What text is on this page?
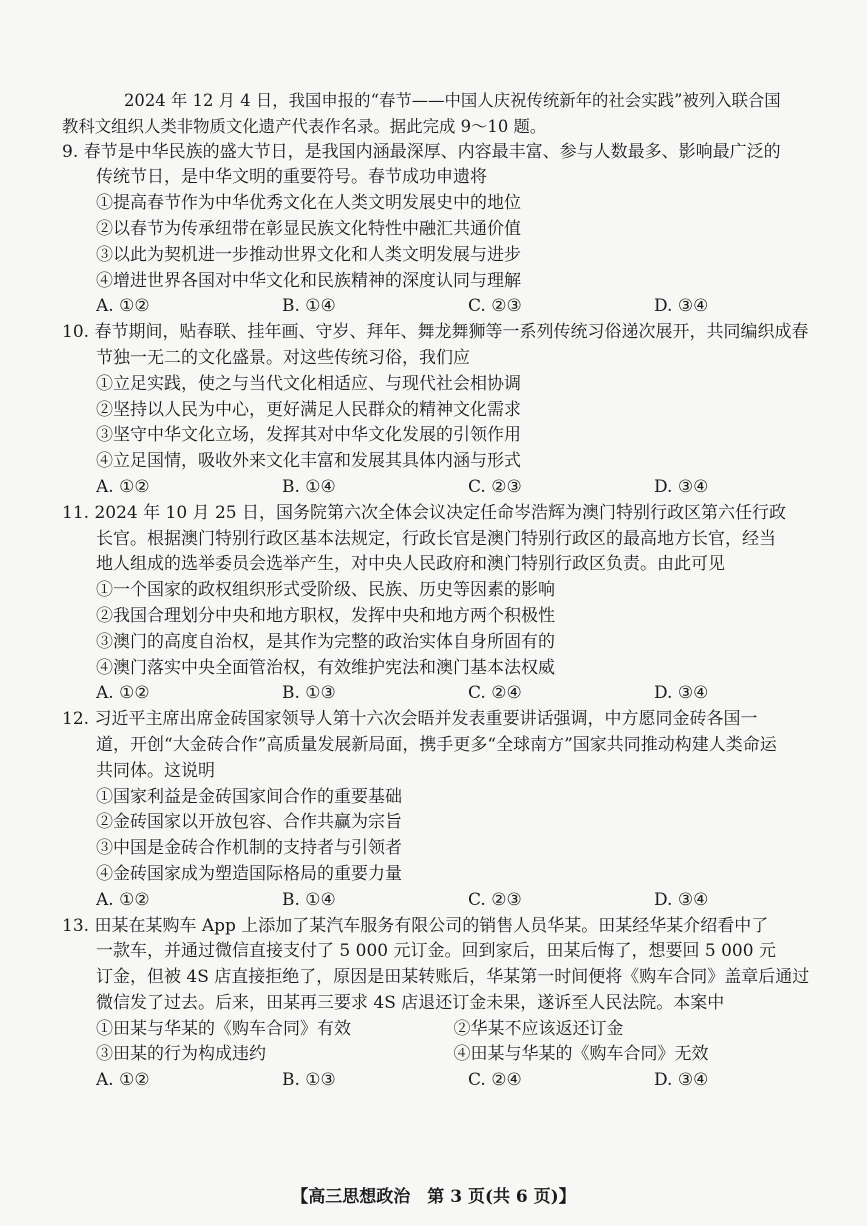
2024 年 12 月 4 日，我国申报的“春节——中国人庆祝传统新年的社会实践”被列入联合国
教科文组织人类非物质文化遗产代表作名录。据此完成 9～10 题。
9. 春节是中华民族的盛大节日，是我国内涵最深厚、内容最丰富、参与人数最多、影响最广泛的
传统节日，是中华文明的重要符号。春节成功申遗将
①提高春节作为中华优秀文化在人类文明发展史中的地位
②以春节为传承纽带在彰显民族文化特性中融汇共通价值
③以此为契机进一步推动世界文化和人类文明发展与进步
④增进世界各国对中华文化和民族精神的深度认同与理解
A. ①②	B. ①④	C. ②③	D. ③④
10. 春节期间，贴春联、挂年画、守岁、拜年、舞龙舞狮等一系列传统习俗递次展开，共同编织成春
节独一无二的文化盛景。对这些传统习俗，我们应
①立足实践，使之与当代文化相适应、与现代社会相协调
②坚持以人民为中心，更好满足人民群众的精神文化需求
③坚守中华文化立场，发挥其对中华文化发展的引领作用
④立足国情，吸收外来文化丰富和发展其具体内涵与形式
A. ①②	B. ①④	C. ②③	D. ③④
11. 2024 年 10 月 25 日，国务院第六次全体会议决定任命岑浩辉为澳门特别行政区第六任行政
长官。根据澳门特别行政区基本法规定，行政长官是澳门特别行政区的最高地方长官，经当
地人组成的选举委员会选举产生，对中央人民政府和澳门特别行政区负责。由此可见
①一个国家的政权组织形式受阶级、民族、历史等因素的影响
②我国合理划分中央和地方职权，发挥中央和地方两个积极性
③澳门的高度自治权，是其作为完整的政治实体自身所固有的
④澳门落实中央全面管治权，有效维护宪法和澳门基本法权威
A. ①②	B. ①③	C. ②④	D. ③④
12. 习近平主席出席金砖国家领导人第十六次会晤并发表重要讲话强调，中方愿同金砖各国一
道，开创“大金砖合作”高质量发展新局面，携手更多“全球南方”国家共同推动构建人类命运
共同体。这说明
①国家利益是金砖国家间合作的重要基础
②金砖国家以开放包容、合作共赢为宗旨
③中国是金砖合作机制的支持者与引领者
④金砖国家成为塑造国际格局的重要力量
A. ①②	B. ①④	C. ②③	D. ③④
13. 田某在某购车 App 上添加了某汽车服务有限公司的销售人员华某。田某经华某介绍看中了
一款车，并通过微信直接支付了 5 000 元订金。回到家后，田某后悔了，想要回 5 000 元
订金，但被 4S 店直接拒绝了，原因是田某转账后，华某第一时间便将《购车合同》盖章后通过
微信发了过去。后来，田某再三要求 4S 店退还订金未果，遂诉至人民法院。本案中
①田某与华某的《购车合同》有效	②华某不应该返还订金
③田某的行为构成违约	④田某与华某的《购车合同》无效
A. ①②	B. ①③	C. ②④	D. ③④
【高三思想政治　第 3 页(共 6 页)】
